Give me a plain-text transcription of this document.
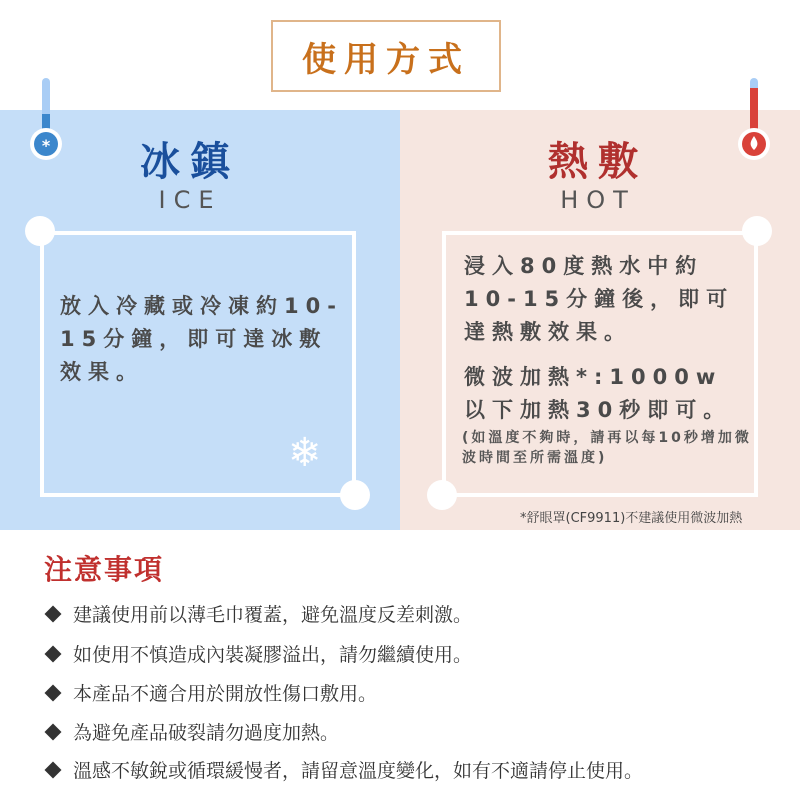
使用方式
*	冰鎮
ICE
熱敷
HOT
放入冷藏或冷凍約10-15分鐘，即可達冰敷效果。
❄
浸入80度熱水中約10-15分鐘後，即可達熱敷效果。
微波加熱*:1000w以下加熱30秒即可。
(如溫度不夠時，請再以每10秒增加微波時間至所需溫度)
*舒眼罩(CF9911)不建議使用微波加熱
注意事項
建議使用前以薄毛巾覆蓋，避免溫度反差刺激。
如使用不慎造成內裝凝膠溢出，請勿繼續使用。
本產品不適合用於開放性傷口敷用。
為避免產品破裂請勿過度加熱。
溫感不敏銳或循環緩慢者，請留意溫度變化，如有不適請停止使用。
